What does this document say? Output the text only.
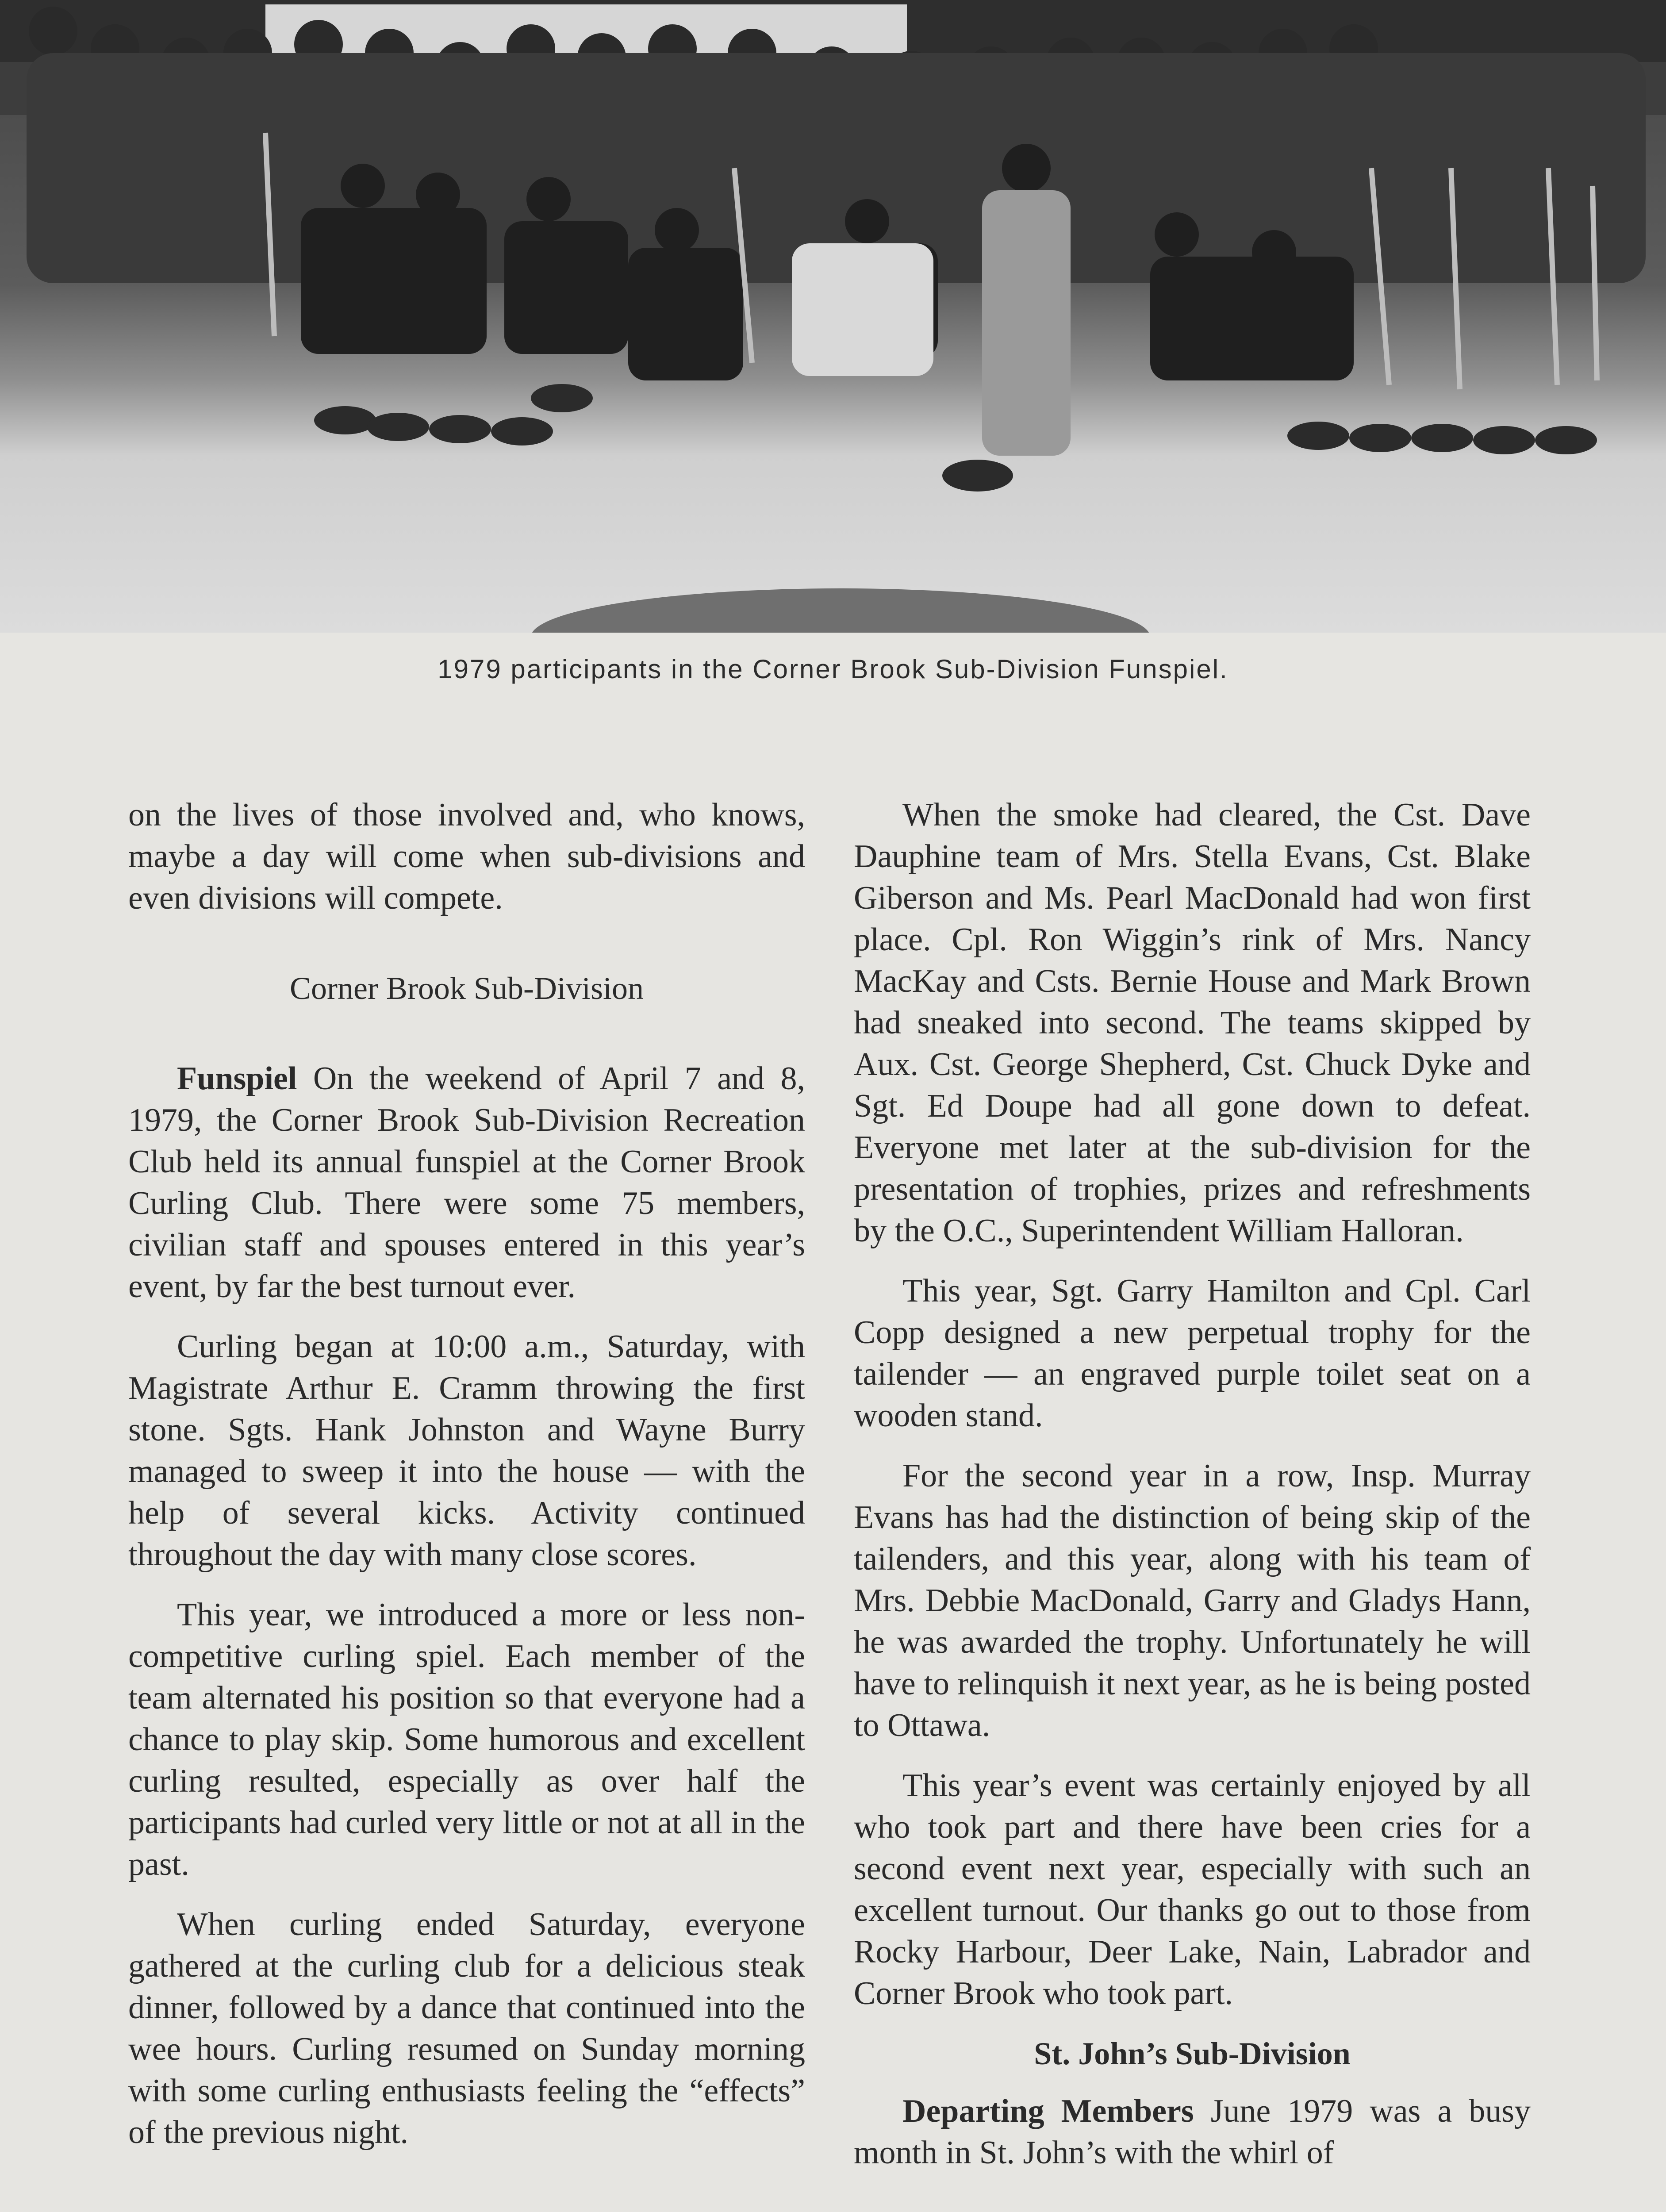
1979 participants in the Corner Brook Sub-Division Funspiel.

on the lives of those involved and, who knows, maybe a day will come when sub-divisions and even divisions will compete.

Corner Brook Sub-Division

Funspiel On the weekend of April 7 and 8, 1979, the Corner Brook Sub-Division Recreation Club held its annual funspiel at the Corner Brook Curling Club. There were some 75 members, civilian staff and spouses entered in this year’s event, by far the best turnout ever.

Curling began at 10:00 a.m., Saturday, with Magistrate Arthur E. Cramm throwing the first stone. Sgts. Hank Johnston and Wayne Burry managed to sweep it into the house — with the help of several kicks. Activity continued throughout the day with many close scores.

This year, we introduced a more or less non-competitive curling spiel. Each member of the team alternated his position so that everyone had a chance to play skip. Some humorous and excellent curling resulted, especially as over half the participants had curled very little or not at all in the past.

When curling ended Saturday, everyone gathered at the curling club for a delicious steak dinner, followed by a dance that continued into the wee hours. Curling resumed on Sunday morning with some curling enthusiasts feeling the “effects” of the previous night.

When the smoke had cleared, the Cst. Dave Dauphine team of Mrs. Stella Evans, Cst. Blake Giberson and Ms. Pearl MacDonald had won first place. Cpl. Ron Wiggin’s rink of Mrs. Nancy MacKay and Csts. Bernie House and Mark Brown had sneaked into second. The teams skipped by Aux. Cst. George Shepherd, Cst. Chuck Dyke and Sgt. Ed Doupe had all gone down to defeat. Everyone met later at the sub-division for the presentation of trophies, prizes and refreshments by the O.C., Superintendent William Halloran.

This year, Sgt. Garry Hamilton and Cpl. Carl Copp designed a new perpetual trophy for the tailender — an engraved purple toilet seat on a wooden stand.

For the second year in a row, Insp. Murray Evans has had the distinction of being skip of the tailenders, and this year, along with his team of Mrs. Debbie MacDonald, Garry and Gladys Hann, he was awarded the trophy. Unfortunately he will have to relinquish it next year, as he is being posted to Ottawa.

This year’s event was certainly enjoyed by all who took part and there have been cries for a second event next year, especially with such an excellent turnout. Our thanks go out to those from Rocky Harbour, Deer Lake, Nain, Labrador and Corner Brook who took part.

St. John’s Sub-Division

Departing Members June 1979 was a busy month in St. John’s with the whirl of
